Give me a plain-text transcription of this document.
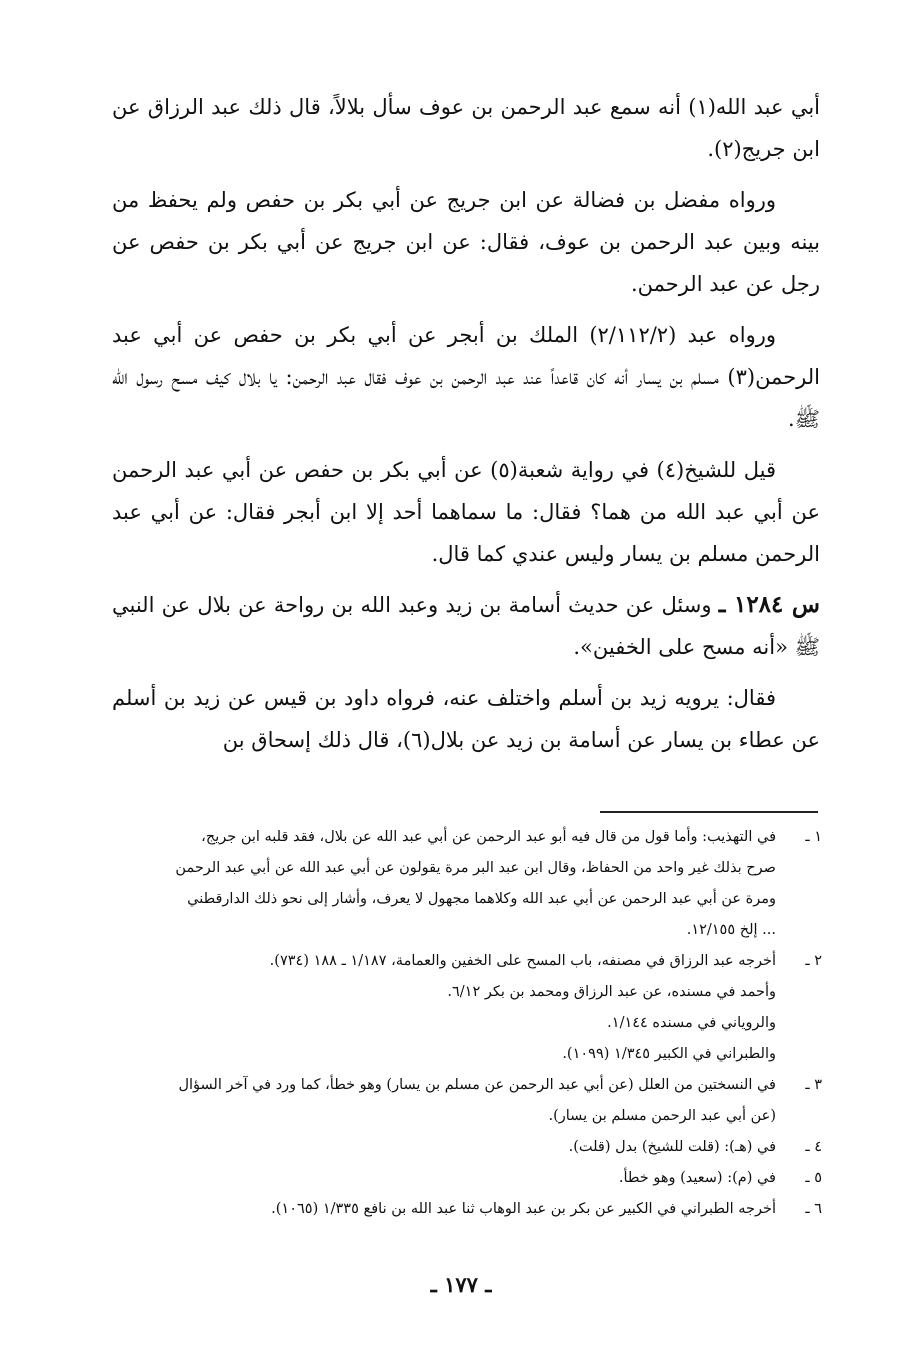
أبي عبد الله(١) أنه سمع عبد الرحمن بن عوف سأل بلالاً، قال ذلك عبد الرزاق عن ابن جريج(٢).

ورواه مفضل بن فضالة عن ابن جريج عن أبي بكر بن حفص ولم يحفظ من بينه وبين عبد الرحمن بن عوف، فقال: عن ابن جريج عن أبي بكر بن حفص عن رجل عن عبد الرحمن.

ورواه عبد (٢/١١٢/٢) الملك بن أبجر عن أبي بكر بن حفص عن أبي عبد الرحمن(٣) مسلم بن يسار أنه كان قاعداً عند عبد الرحمن بن عوف فقال عبد الرحمن: يا بلال كيف مسح رسول الله ﷺ.

قيل للشيخ(٤) في رواية شعبة(٥) عن أبي بكر بن حفص عن أبي عبد الرحمن عن أبي عبد الله من هما؟ فقال: ما سماهما أحد إلا ابن أبجر فقال: عن أبي عبد الرحمن مسلم بن يسار وليس عندي كما قال.

س ١٢٨٤ ـ وسئل عن حديث أسامة بن زيد وعبد الله بن رواحة عن بلال عن النبي ﷺ «أنه مسح على الخفين».

فقال: يرويه زيد بن أسلم واختلف عنه، فرواه داود بن قيس عن زيد بن أسلم عن عطاء بن يسار عن أسامة بن زيد عن بلال(٦)، قال ذلك إسحاق بن

١ ـ
في التهذيب: وأما قول من قال فيه أبو عبد الرحمن عن أبي عبد الله عن بلال، فقد قلبه ابن جريج،
صرح بذلك غير واحد من الحفاظ، وقال ابن عبد البر مرة يقولون عن أبي عبد الله عن أبي عبد الرحمن
ومرة عن أبي عبد الرحمن عن أبي عبد الله وكلاهما مجهول لا يعرف، وأشار إلى نحو ذلك الدارقطني
... إلخ ١٢/١٥٥.
٢ ـ
أخرجه عبد الرزاق في مصنفه، باب المسح على الخفين والعمامة، ١/١٨٧ ـ ١٨٨ (٧٣٤).
وأحمد في مسنده، عن عبد الرزاق ومحمد بن بكر ٦/١٢.
والروياني في مسنده ١/١٤٤.
والطبراني في الكبير ١/٣٤٥ (١٠٩٩).
٣ ـ
في النسختين من العلل (عن أبي عبد الرحمن عن مسلم بن يسار) وهو خطأ، كما ورد في آخر السؤال
(عن أبي عبد الرحمن مسلم بن يسار).
٤ ـ
في (هـ): (قلت للشيخ) بدل (قلت).
٥ ـ
في (م): (سعيد) وهو خطأ.
٦ ـ
أخرجه الطبراني في الكبير عن بكر بن عبد الوهاب ثنا عبد الله بن نافع ١/٣٣٥ (١٠٦٥).
ـ ١٧٧ ـ
